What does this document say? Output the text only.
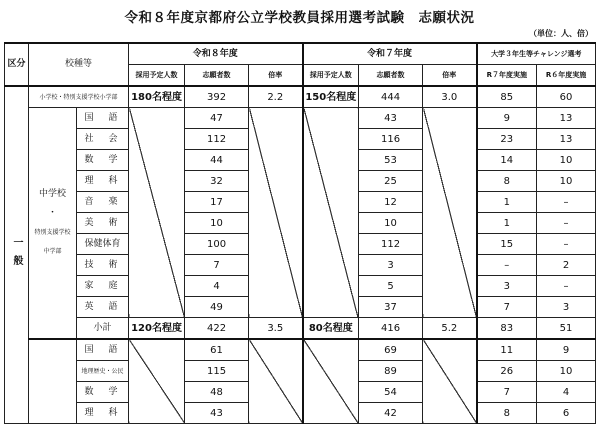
令和８年度京都府公立学校教員採用選考試験　志願状況
（単位：人、倍）
区分	校種等		令和８年度			令和７年度			大学３年生等チャレンジ選考	
			採用予定人数	志願者数	倍率	採用予定人数	志願者数	倍率	R７年度実施	R６年度実施

一般	小学校・特別支援学校小学部		180名程度	392	2.2	150名程度	444	3.0	85	60

	中学校
・
特別支援学校
中学部	国　語		47			43		9	13
		社　会		112			116		23	13
		数　学		44			53		14	10
		理　科		32			25		8	10
		音　楽		17			12		1	–
		美　術		10			10		1	–
		保健体育		100			112		15	–
		技　術		7			3		–	2
		家　庭		4			5		3	–
		英　語		49			37		7	3
		小計	120名程度	422	3.5	80名程度	416	5.2	83	51
		国　語		61			69		11	9
		地理歴史・公民		115			89		26	10
		数　学		48			54		7	4
		理　科		43			42		8	6
